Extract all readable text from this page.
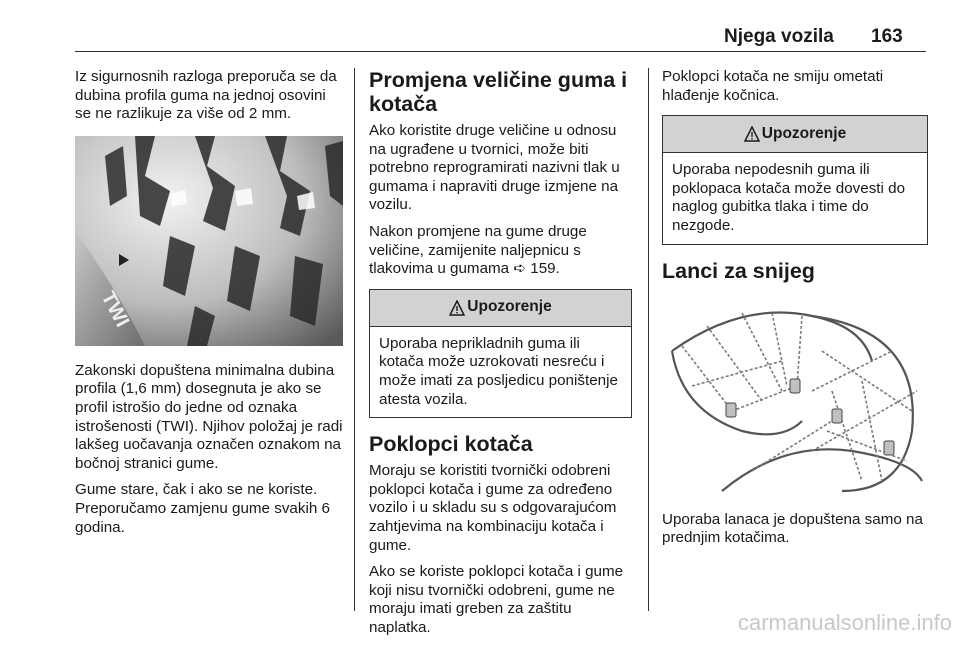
Njega vozila 163

Iz sigurnosnih razloga preporuča se da dubina profila guma na jednoj osovini se ne razlikuje za više od 2 mm.

TWI

Zakonski dopuštena minimalna dubina profila (1,6 mm) dosegnuta je ako se profil istrošio do jedne od oznaka istrošenosti (TWI). Njihov položaj je radi lakšeg uočavanja označen oznakom na bočnoj stranici gume.

Gume stare, čak i ako se ne koriste. Preporučamo zamjenu gume svakih 6 godina.

Promjena veličine guma i kotača

Ako koristite druge veličine u odnosu na ugrađene u tvornici, može biti potrebno reprogramirati nazivni tlak u gumama i napraviti druge izmjene na vozilu.

Nakon promjene na gume druge veličine, zamijenite naljepnicu s tlakovima u gumama ➪ 159.

Upozorenje
Uporaba neprikladnih guma ili kotača može uzrokovati nesreću i može imati za posljedicu poništenje atesta vozila.
Poklopci kotača

Moraju se koristiti tvornički odobreni poklopci kotača i gume za određeno vozilo i u skladu su s odgovarajućom zahtjevima na kombinaciju kotača i gume.

Ako se koriste poklopci kotača i gume koji nisu tvornički odobreni, gume ne moraju imati greben za zaštitu naplatka.

Poklopci kotača ne smiju ometati hlađenje kočnica.

Upozorenje
Uporaba nepodesnih guma ili poklopaca kotača može dovesti do naglog gubitka tlaka i time do nezgode.
Lanci za snijeg

Uporaba lanaca je dopuštena samo na prednjim kotačima.

carmanualsonline.info
